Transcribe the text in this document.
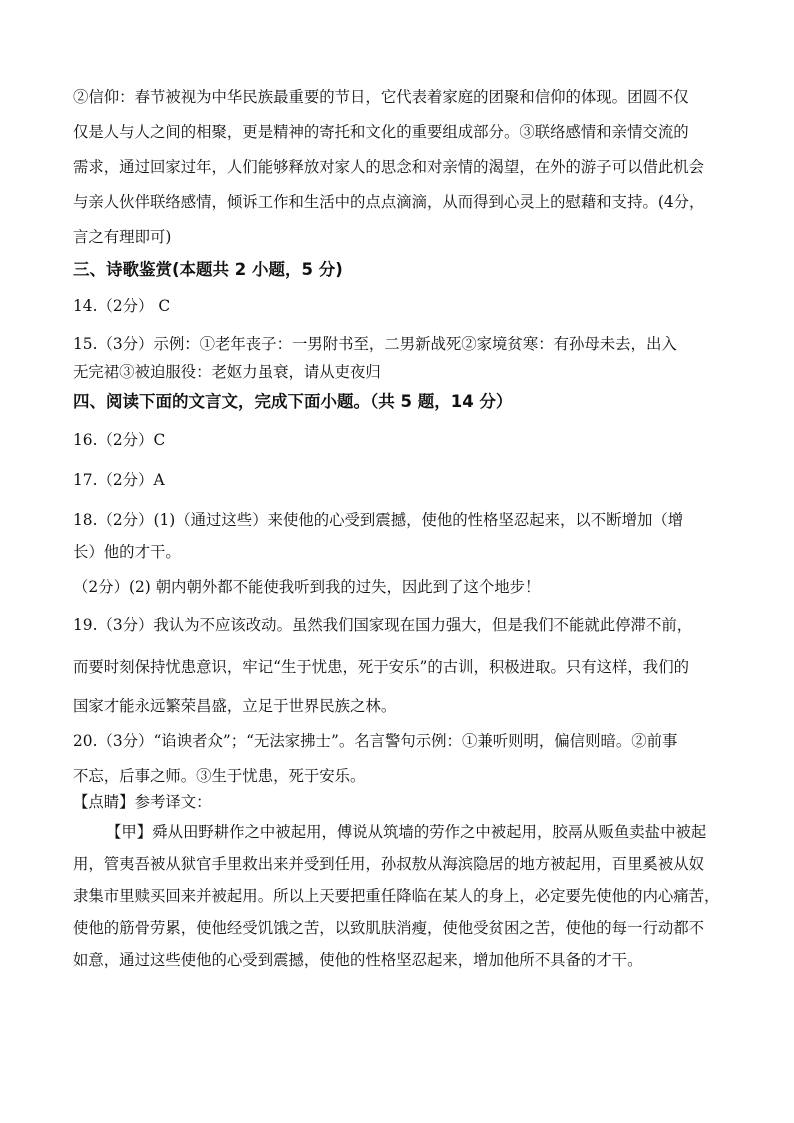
②信仰：春节被视为中华民族最重要的节日，它代表着家庭的团聚和信仰的体现。团圆不仅

仅是人与人之间的相聚，更是精神的寄托和文化的重要组成部分。③联络感情和亲情交流的

需求，通过回家过年，人们能够释放对家人的思念和对亲情的渴望，在外的游子可以借此机会

与亲人伙伴联络感情，倾诉工作和生活中的点点滴滴，从而得到心灵上的慰藉和支持。(4分，

言之有理即可)

三、诗歌鉴赏(本题共 2 小题，5 分)

14.（2分） C

15.（3分）示例：①老年丧子：一男附书至，二男新战死②家境贫寒：有孙母未去，出入

无完裙③被迫服役：老妪力虽衰，请从吏夜归

四、阅读下面的文言文，完成下面小题。（共 5 题，14 分）

16.（2分）C

17.（2分）A

18.（2分）(1)（通过这些）来使他的心受到震撼，使他的性格坚忍起来，以不断增加（增

长）他的才干。

（2分）(2) 朝内朝外都不能使我听到我的过失，因此到了这个地步！

19.（3分）我认为不应该改动。虽然我们国家现在国力强大，但是我们不能就此停滞不前，

而要时刻保持忧患意识，牢记“生于忧患，死于安乐”的古训，积极进取。只有这样，我们的

国家才能永远繁荣昌盛，立足于世界民族之林。

20.（3分）“谄谀者众”；“无法家拂士”。名言警句示例：①兼听则明，偏信则暗。②前事

不忘，后事之师。③生于忧患，死于安乐。

【点睛】参考译文：

【甲】舜从田野耕作之中被起用，傅说从筑墙的劳作之中被起用，胶鬲从贩鱼卖盐中被起

用，管夷吾被从狱官手里救出来并受到任用，孙叔敖从海滨隐居的地方被起用，百里奚被从奴

隶集市里赎买回来并被起用。所以上天要把重任降临在某人的身上，必定要先使他的内心痛苦，

使他的筋骨劳累，使他经受饥饿之苦，以致肌肤消瘦，使他受贫困之苦，使他的每一行动都不

如意，通过这些使他的心受到震撼，使他的性格坚忍起来，增加他所不具备的才干。
